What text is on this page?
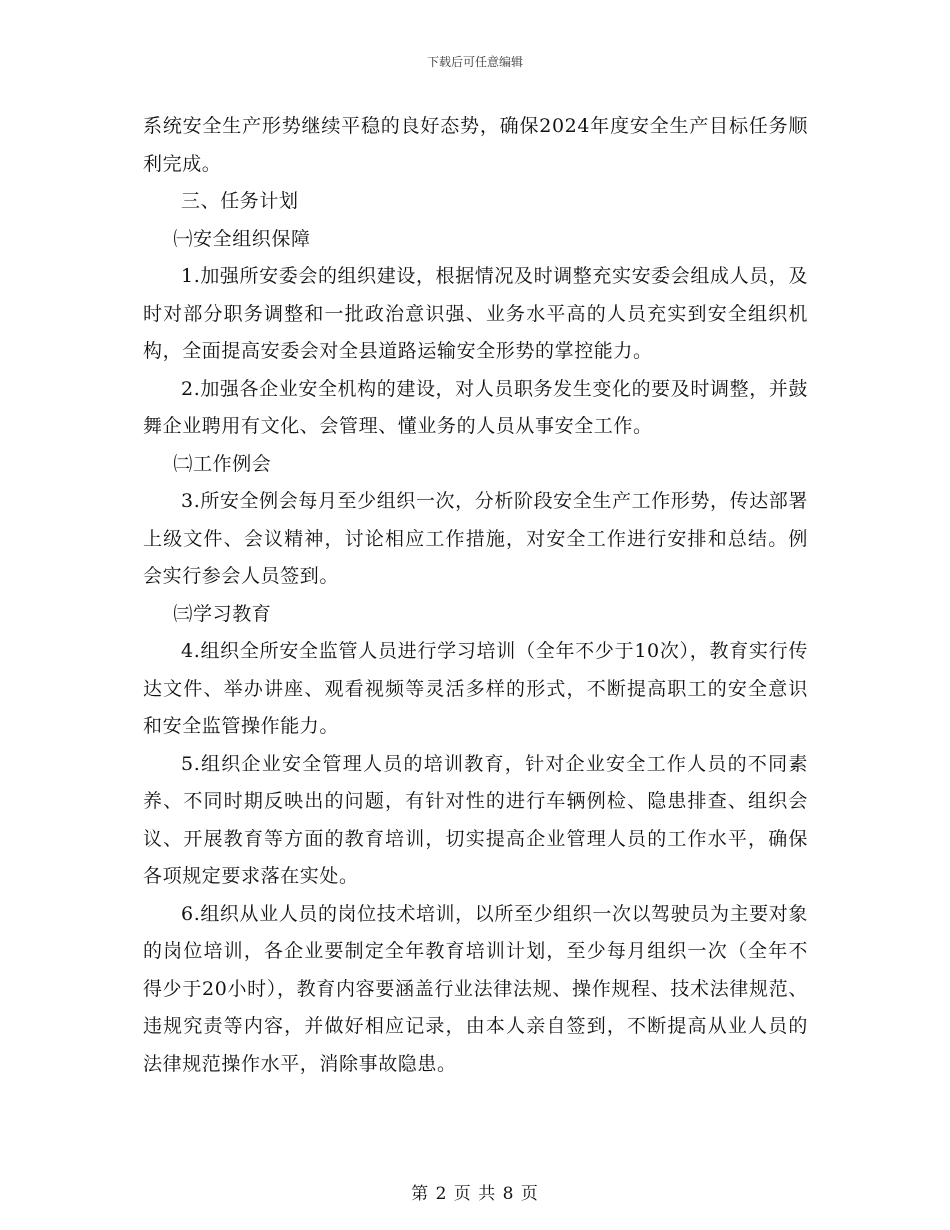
下载后可任意编辑

系统安全生产形势继续平稳的良好态势，确保2024年度安全生产目标任务顺利完成。

三、任务计划

㈠安全组织保障

1.加强所安委会的组织建设，根据情况及时调整充实安委会组成人员，及时对部分职务调整和一批政治意识强、业务水平高的人员充实到安全组织机构，全面提高安委会对全县道路运输安全形势的掌控能力。

2.加强各企业安全机构的建设，对人员职务发生变化的要及时调整，并鼓舞企业聘用有文化、会管理、懂业务的人员从事安全工作。

㈡工作例会

3.所安全例会每月至少组织一次，分析阶段安全生产工作形势，传达部署上级文件、会议精神，讨论相应工作措施，对安全工作进行安排和总结。例会实行参会人员签到。

㈢学习教育

4.组织全所安全监管人员进行学习培训（全年不少于10次），教育实行传达文件、举办讲座、观看视频等灵活多样的形式，不断提高职工的安全意识和安全监管操作能力。

5.组织企业安全管理人员的培训教育，针对企业安全工作人员的不同素养、不同时期反映出的问题，有针对性的进行车辆例检、隐患排查、组织会议、开展教育等方面的教育培训，切实提高企业管理人员的工作水平，确保各项规定要求落在实处。

6.组织从业人员的岗位技术培训，以所至少组织一次以驾驶员为主要对象的岗位培训，各企业要制定全年教育培训计划，至少每月组织一次（全年不得少于20小时），教育内容要涵盖行业法律法规、操作规程、技术法律规范、违规究责等内容，并做好相应记录，由本人亲自签到，不断提高从业人员的法律规范操作水平，消除事故隐患。

第 2 页 共 8 页
